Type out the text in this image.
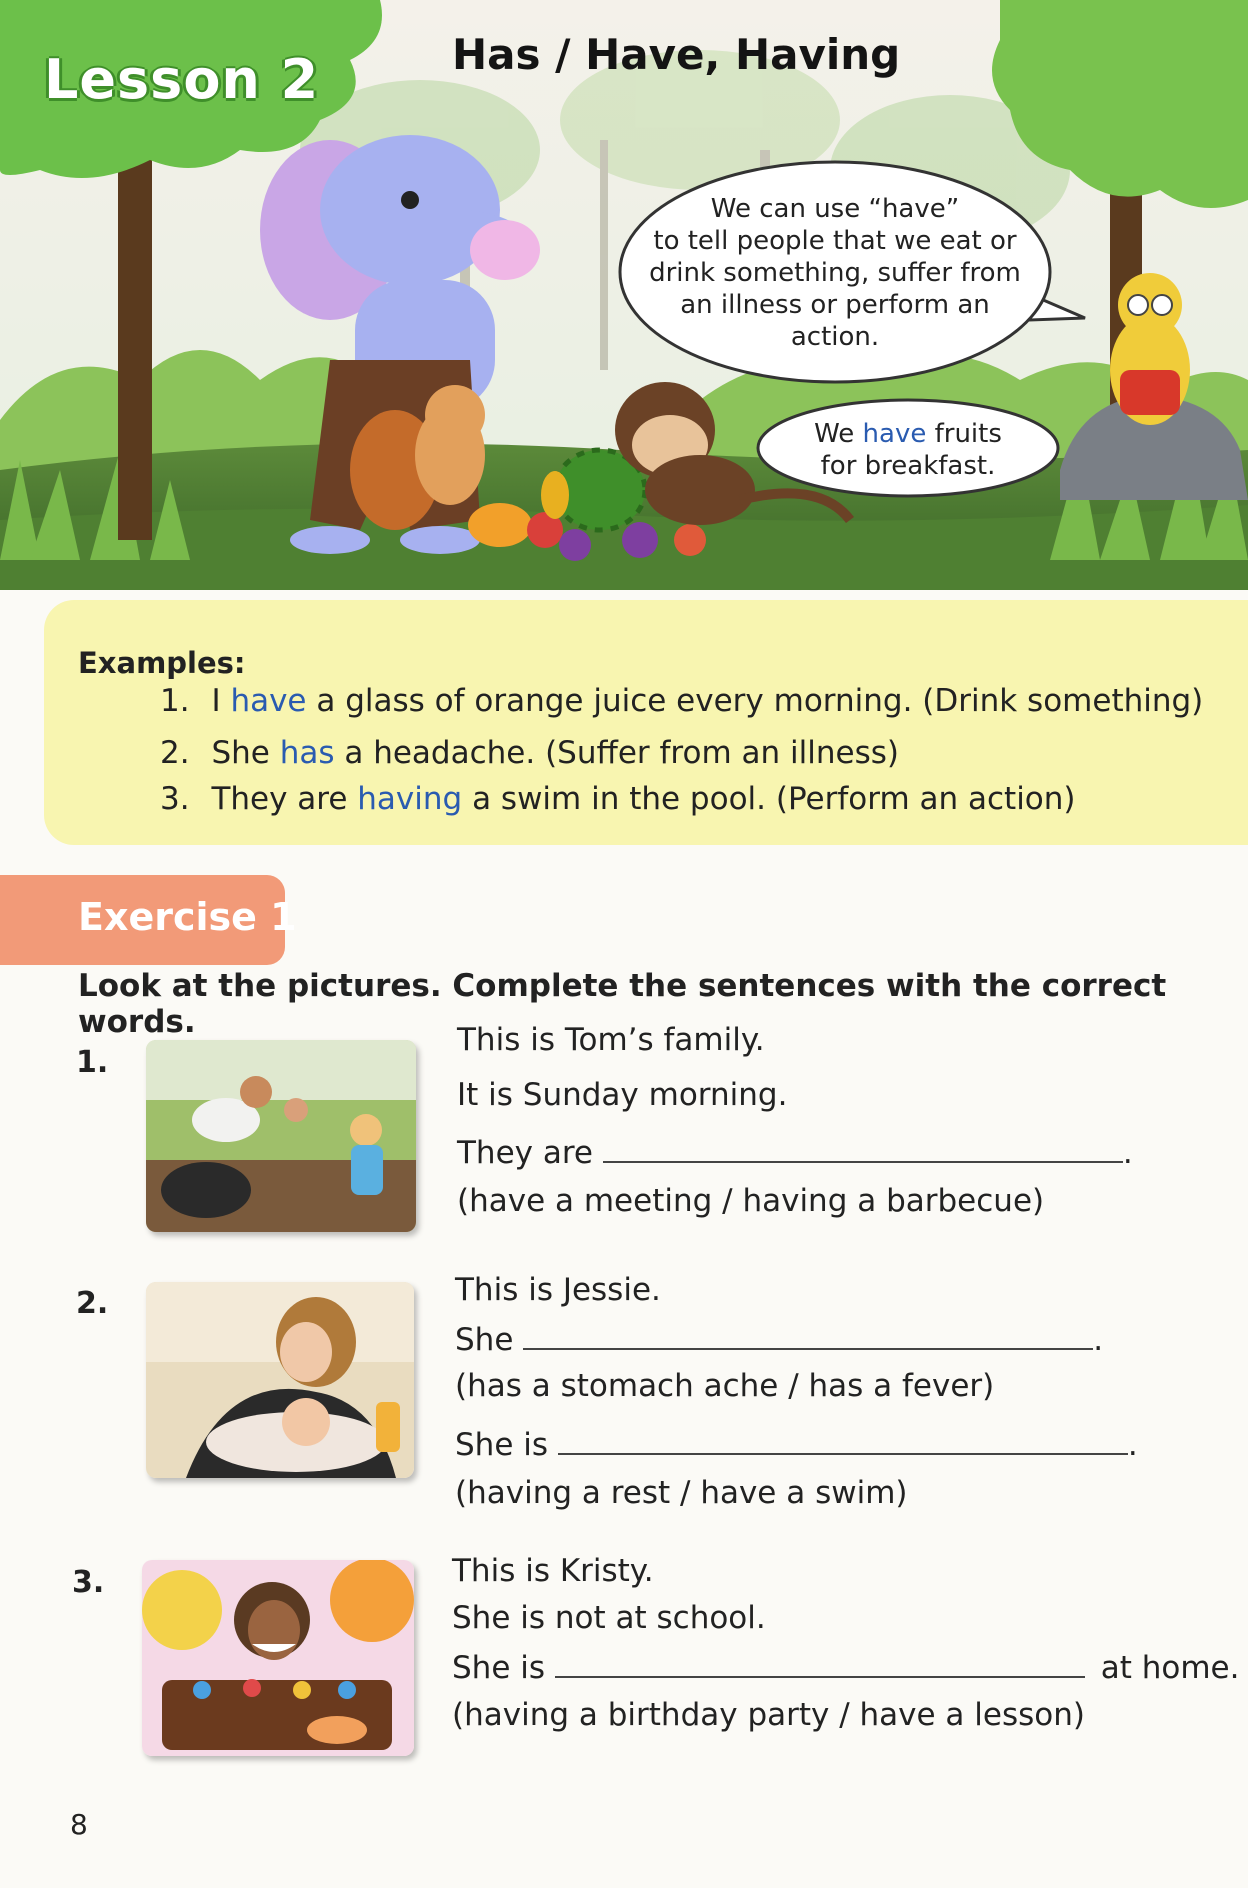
Lesson 2	Has / Have, Having
We can use “have”
to tell people that we eat or
drink something, suffer from
an illness or perform an
action.
We have fruits
for breakfast.
Examples:
1. I have a glass of orange juice every morning. (Drink something)
2. She has a headache. (Suffer from an illness)
3. They are having a swim in the pool. (Perform an action)
Exercise 1
Look at the pictures. Complete the sentences with the correct words.
1.
This is Tom’s family.
It is Sunday morning.
They are	.
(have a meeting / having a barbecue)
2.	This is Jessie.
She	.
(has a stomach ache / has a fever)
She is	.
(having a rest / have a swim)
3.	This is Kristy.
She is not at school.
She is	at home.
(having a birthday party / have a lesson)
8
